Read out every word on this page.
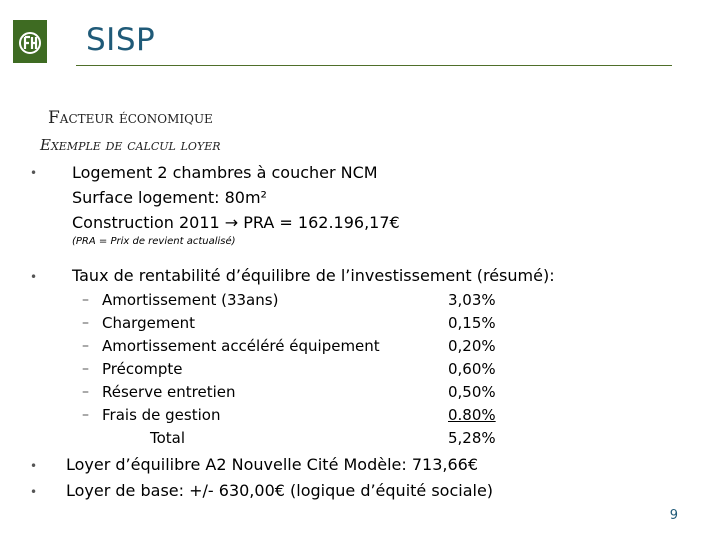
SISP
Facteur économique
Exemple de calcul loyer
• Logement 2 chambres à coucher NCM
Surface logement: 80m²
Construction 2011 → PRA = 162.196,17€
(PRA = Prix de revient actualisé)
• Taux de rentabilité d’équilibre de l’investissement (résumé):
– Amortissement (33ans)	3,03%
– Chargement	0,15%
– Amortissement accéléré équipement	0,20%
– Précompte	0,60%
– Réserve entretien	0,50%
– Frais de gestion	0.80%
Total	5,28%
• Loyer d’équilibre A2 Nouvelle Cité Modèle: 713,66€
• Loyer de base: +/- 630,00€ (logique d’équité sociale)
9
